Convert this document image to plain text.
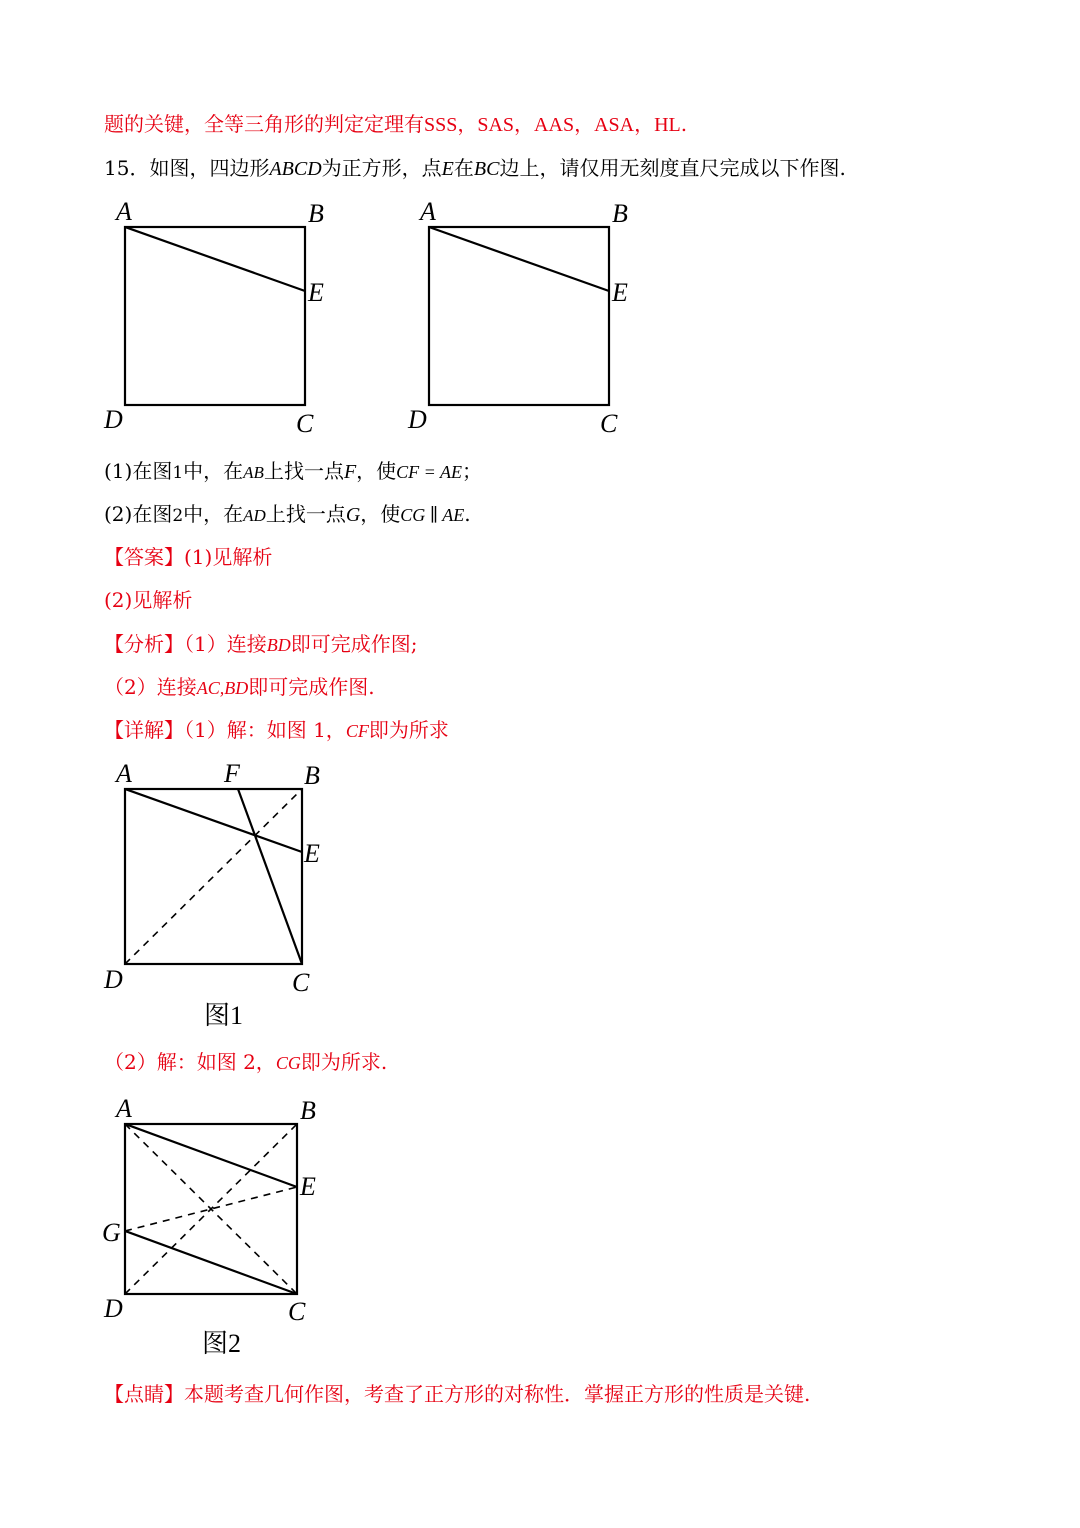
题的关键，全等三角形的判定定理有SSS，SAS，AAS，ASA，HL.
15．如图，四边形ABCD为正方形，点E在BC边上，请仅用无刻度直尺完成以下作图.
A	B
E
D	C
A	B
E
D	C
(1)在图1中，在AB上找一点F，使CF = AE；
(2)在图2中，在AD上找一点G，使CG ∥ AE.
【答案】(1)见解析
(2)见解析
【分析】（1）连接BD即可完成作图;
（2）连接AC,BD即可完成作图.
【详解】（1）解：如图 1，CF即为所求
A	F B
E
D	C
图1
（2）解：如图 2，CG即为所求.
A	B
E
G
D	C
图2
【点睛】本题考查几何作图，考查了正方形的对称性．掌握正方形的性质是关键.
